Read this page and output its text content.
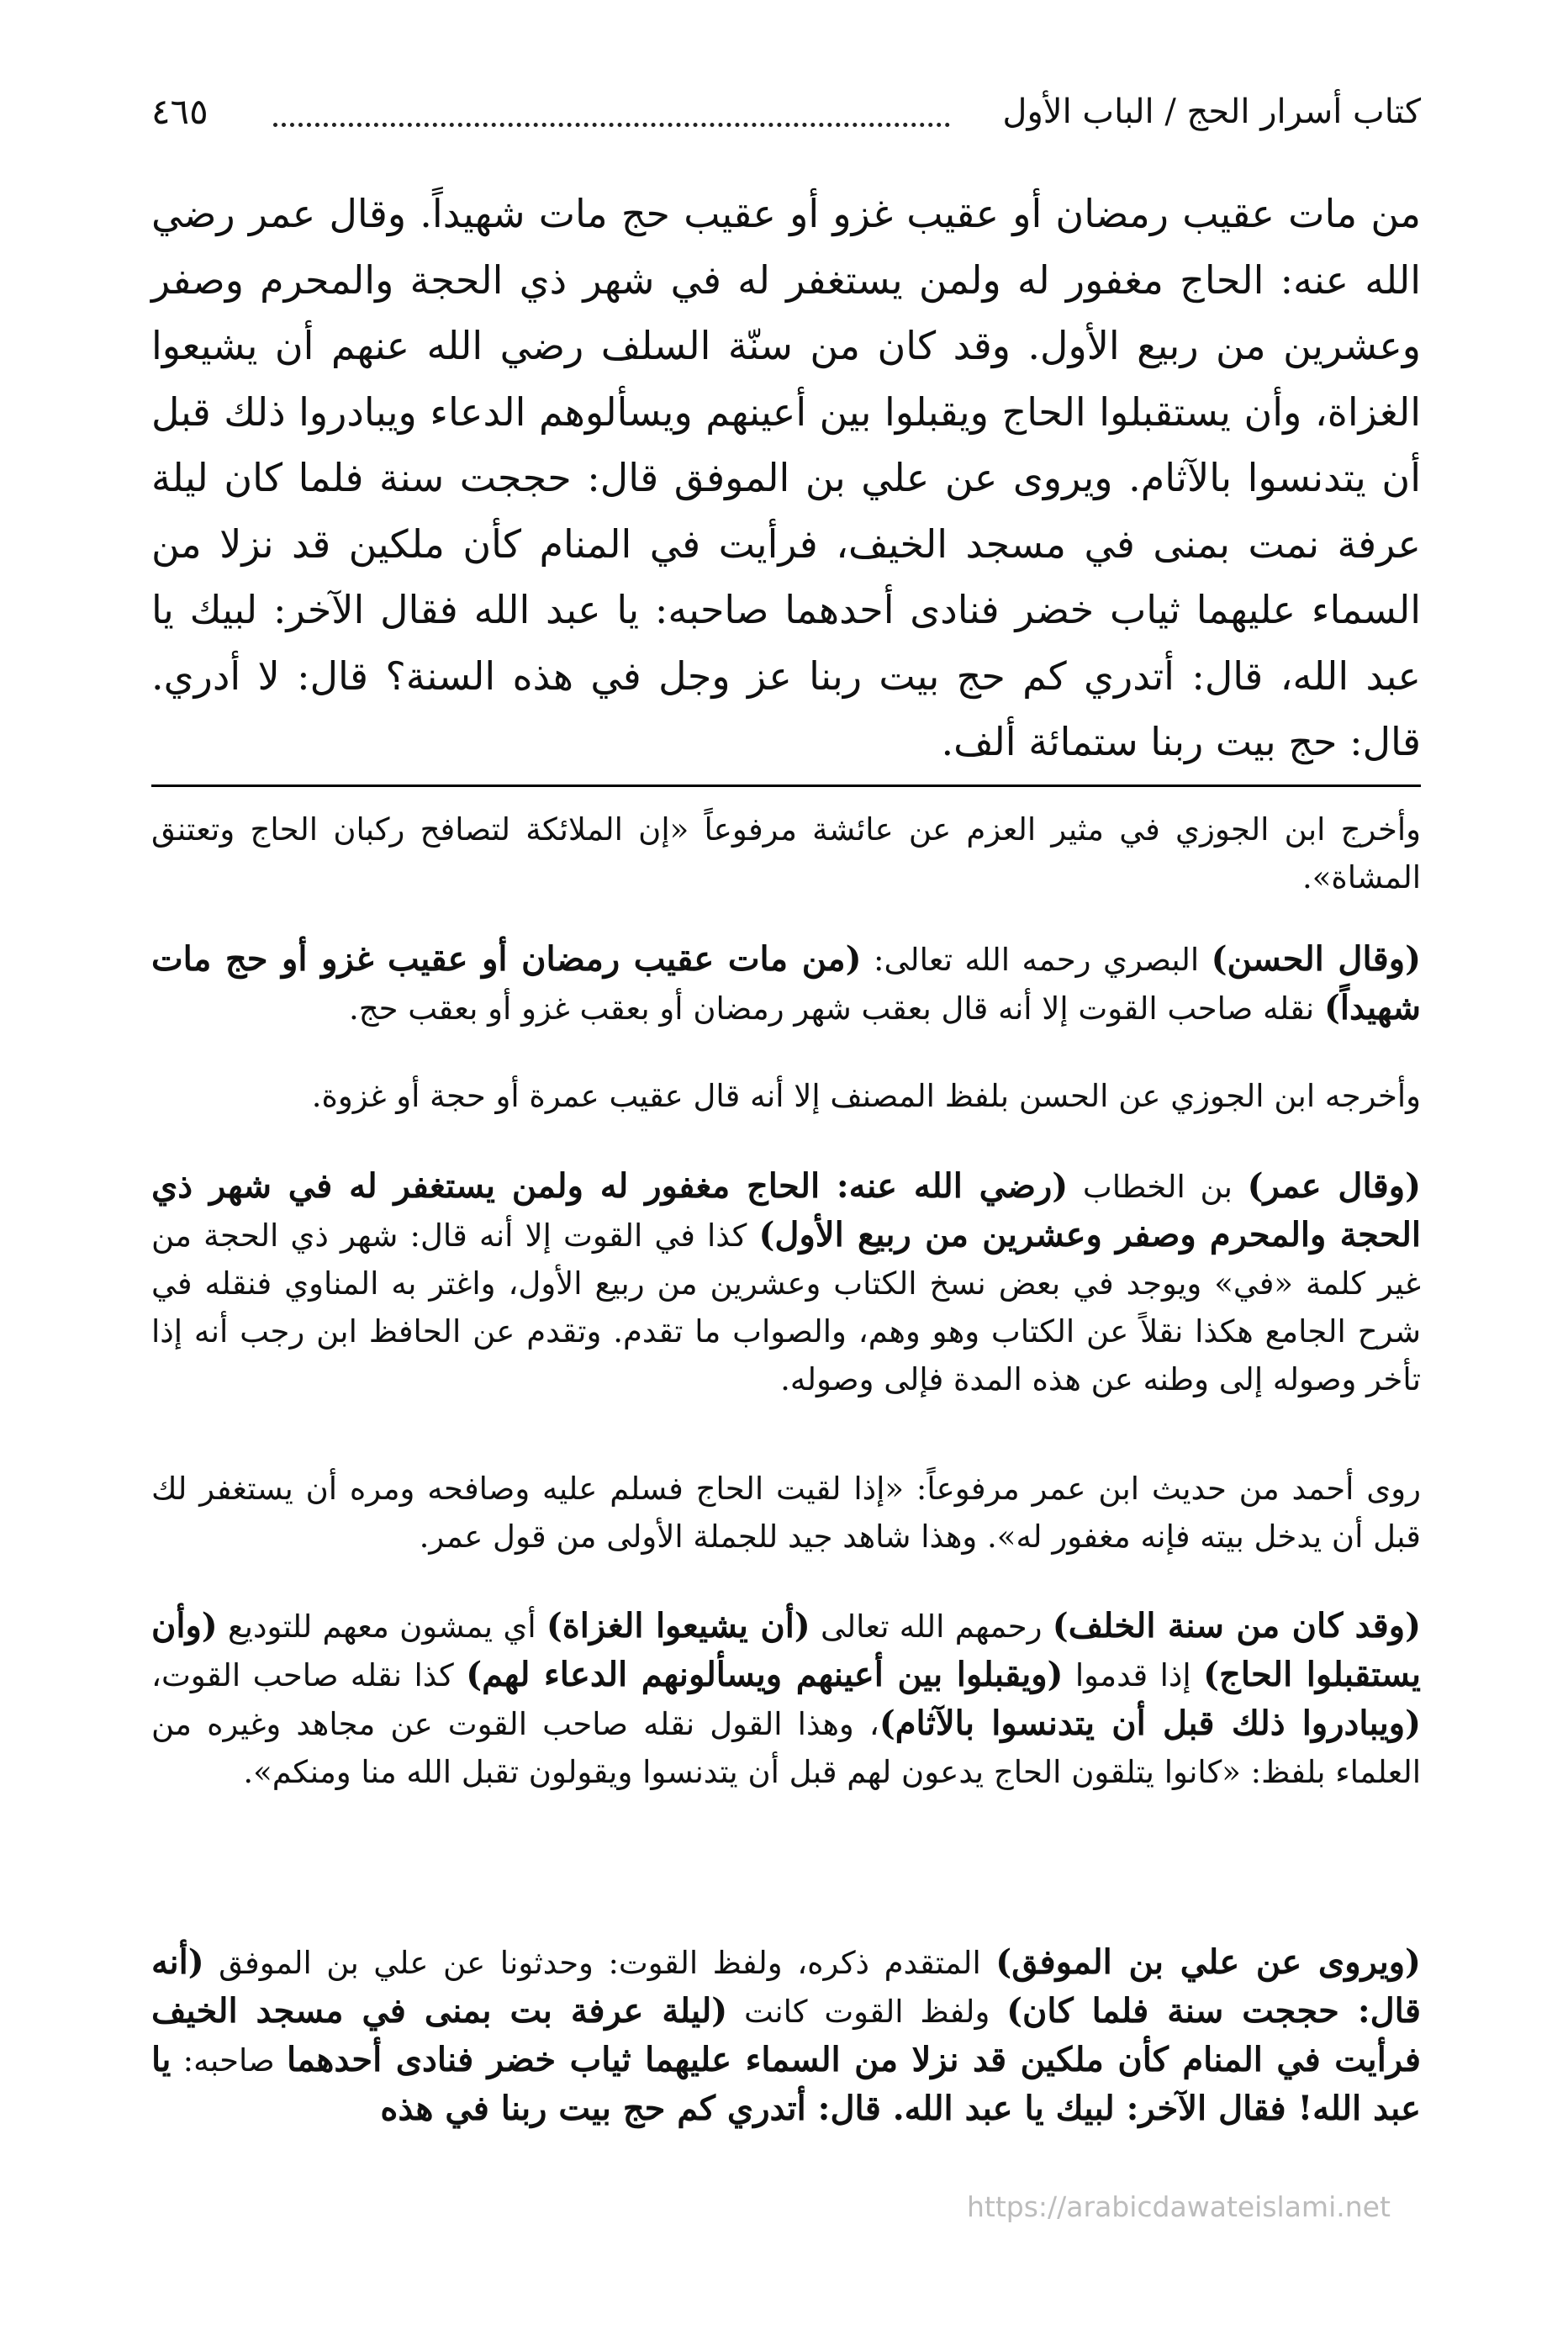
كتاب أسرار الحج / الباب الأول
٤٦٥
من مات عقيب رمضان أو عقيب غزو أو عقيب حج مات شهيداً. وقال عمر رضي الله عنه: الحاج مغفور له ولمن يستغفر له في شهر ذي الحجة والمحرم وصفر وعشرين من ربيع الأول. وقد كان من سنّة السلف رضي الله عنهم أن يشيعوا الغزاة، وأن يستقبلوا الحاج ويقبلوا بين أعينهم ويسألوهم الدعاء ويبادروا ذلك قبل أن يتدنسوا بالآثام. ويروى عن علي بن الموفق قال: حججت سنة فلما كان ليلة عرفة نمت بمنى في مسجد الخيف، فرأيت في المنام كأن ملكين قد نزلا من السماء عليهما ثياب خضر فنادى أحدهما صاحبه: يا عبد الله فقال الآخر: لبيك يا عبد الله، قال: أتدري كم حج بيت ربنا عز وجل في هذه السنة؟ قال: لا أدري. قال: حج بيت ربنا ستمائة ألف.
وأخرج ابن الجوزي في مثير العزم عن عائشة مرفوعاً «إن الملائكة لتصافح ركبان الحاج وتعتنق المشاة».
(وقال الحسن) البصري رحمه الله تعالى: (من مات عقيب رمضان أو عقيب غزو أو حج مات شهيداً) نقله صاحب القوت إلا أنه قال بعقب شهر رمضان أو بعقب غزو أو بعقب حج.
وأخرجه ابن الجوزي عن الحسن بلفظ المصنف إلا أنه قال عقيب عمرة أو حجة أو غزوة.
(وقال عمر) بن الخطاب (رضي الله عنه: الحاج مغفور له ولمن يستغفر له في شهر ذي الحجة والمحرم وصفر وعشرين من ربيع الأول) كذا في القوت إلا أنه قال: شهر ذي الحجة من غير كلمة «في» ويوجد في بعض نسخ الكتاب وعشرين من ربيع الأول، واغتر به المناوي فنقله في شرح الجامع هكذا نقلاً عن الكتاب وهو وهم، والصواب ما تقدم. وتقدم عن الحافظ ابن رجب أنه إذا تأخر وصوله إلى وطنه عن هذه المدة فإلى وصوله.
روى أحمد من حديث ابن عمر مرفوعاً: «إذا لقيت الحاج فسلم عليه وصافحه ومره أن يستغفر لك قبل أن يدخل بيته فإنه مغفور له». وهذا شاهد جيد للجملة الأولى من قول عمر.
(وقد كان من سنة الخلف) رحمهم الله تعالى (أن يشيعوا الغزاة) أي يمشون معهم للتوديع (وأن يستقبلوا الحاج) إذا قدموا (ويقبلوا بين أعينهم ويسألونهم الدعاء لهم) كذا نقله صاحب القوت، (ويبادروا ذلك قبل أن يتدنسوا بالآثام)، وهذا القول نقله صاحب القوت عن مجاهد وغيره من العلماء بلفظ: «كانوا يتلقون الحاج يدعون لهم قبل أن يتدنسوا ويقولون تقبل الله منا ومنكم».
(ويروى عن علي بن الموفق) المتقدم ذكره، ولفظ القوت: وحدثونا عن علي بن الموفق (أنه قال: حججت سنة فلما كان) ولفظ القوت كانت (ليلة عرفة بت بمنى في مسجد الخيف فرأيت في المنام كأن ملكين قد نزلا من السماء عليهما ثياب خضر فنادى أحدهما صاحبه: يا عبد الله! فقال الآخر: لبيك يا عبد الله. قال: أتدري كم حج بيت ربنا في هذه
https://arabicdawateislami.net
